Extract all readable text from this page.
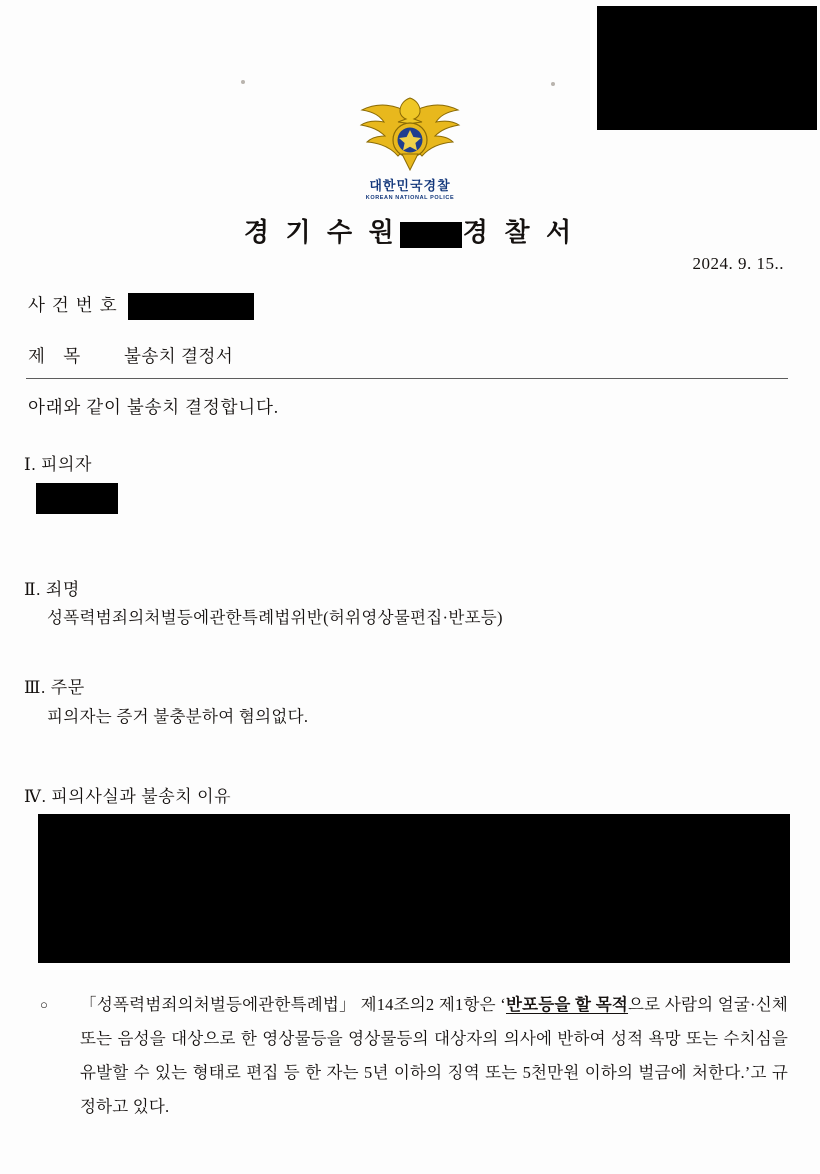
대한민국경찰
KOREAN NATIONAL POLICE
경 기 수 원 경 찰 서
2024. 9. 15..
사건번호
제 목 불송치 결정서
아래와 같이 불송치 결정합니다.
Ⅰ. 피의자
Ⅱ. 죄명
성폭력범죄의처벌등에관한특례법위반(허위영상물편집·반포등)
Ⅲ. 주문
피의자는 증거 불충분하여 혐의없다.
Ⅳ. 피의사실과 불송치 이유
○ 「성폭력범죄의처벌등에관한특례법」 제14조의2 제1항은 ‘반포등을 할 목적으로 사람의 얼굴·신체 또는 음성을 대상으로 한 영상물등을 영상물등의 대상자의 의사에 반하여 성적 욕망 또는 수치심을 유발할 수 있는 형태로 편집 등 한 자는 5년 이하의 징역 또는 5천만원 이하의 벌금에 처한다.’고 규정하고 있다.
